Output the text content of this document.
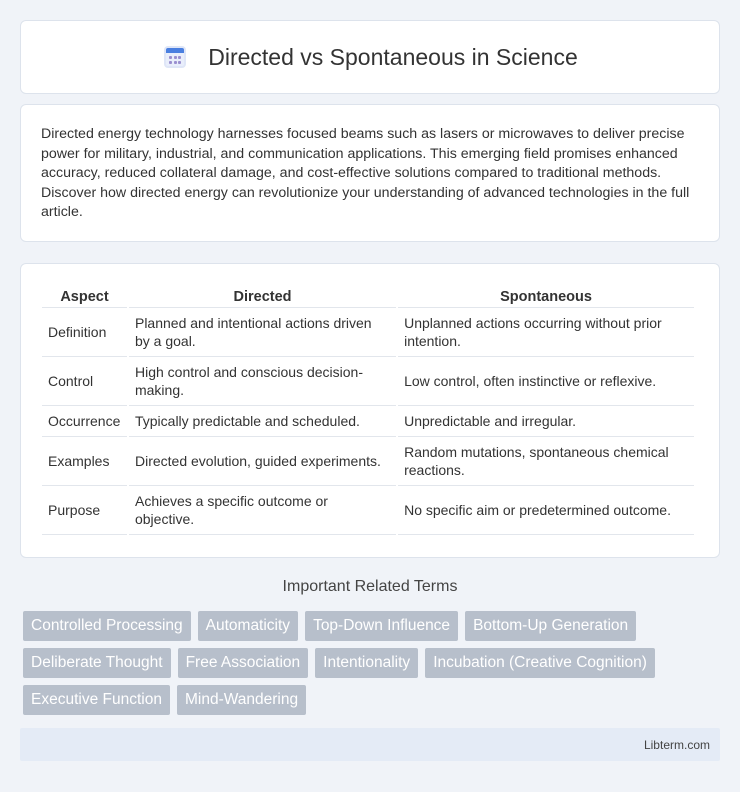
Directed vs Spontaneous in Science

Directed energy technology harnesses focused beams such as lasers or microwaves to deliver precise power for military, industrial, and communication applications. This emerging field promises enhanced accuracy, reduced collateral damage, and cost-effective solutions compared to traditional methods. Discover how directed energy can revolutionize your understanding of advanced technologies in the full article.

Aspect	Directed	Spontaneous
Definition	Planned and intentional actions driven by a goal.	Unplanned actions occurring without prior intention.
Control	High control and conscious decision-making.	Low control, often instinctive or reflexive.
Occurrence	Typically predictable and scheduled.	Unpredictable and irregular.
Examples	Directed evolution, guided experiments.	Random mutations, spontaneous chemical reactions.
Purpose	Achieves a specific outcome or objective.	No specific aim or predetermined outcome.
Important Related Terms
Controlled Processing	Automaticity	Top-Down Influence	Bottom-Up Generation
Deliberate Thought	Free Association	Intentionality	Incubation (Creative Cognition)
Executive Function	Mind-Wandering
Libterm.com
